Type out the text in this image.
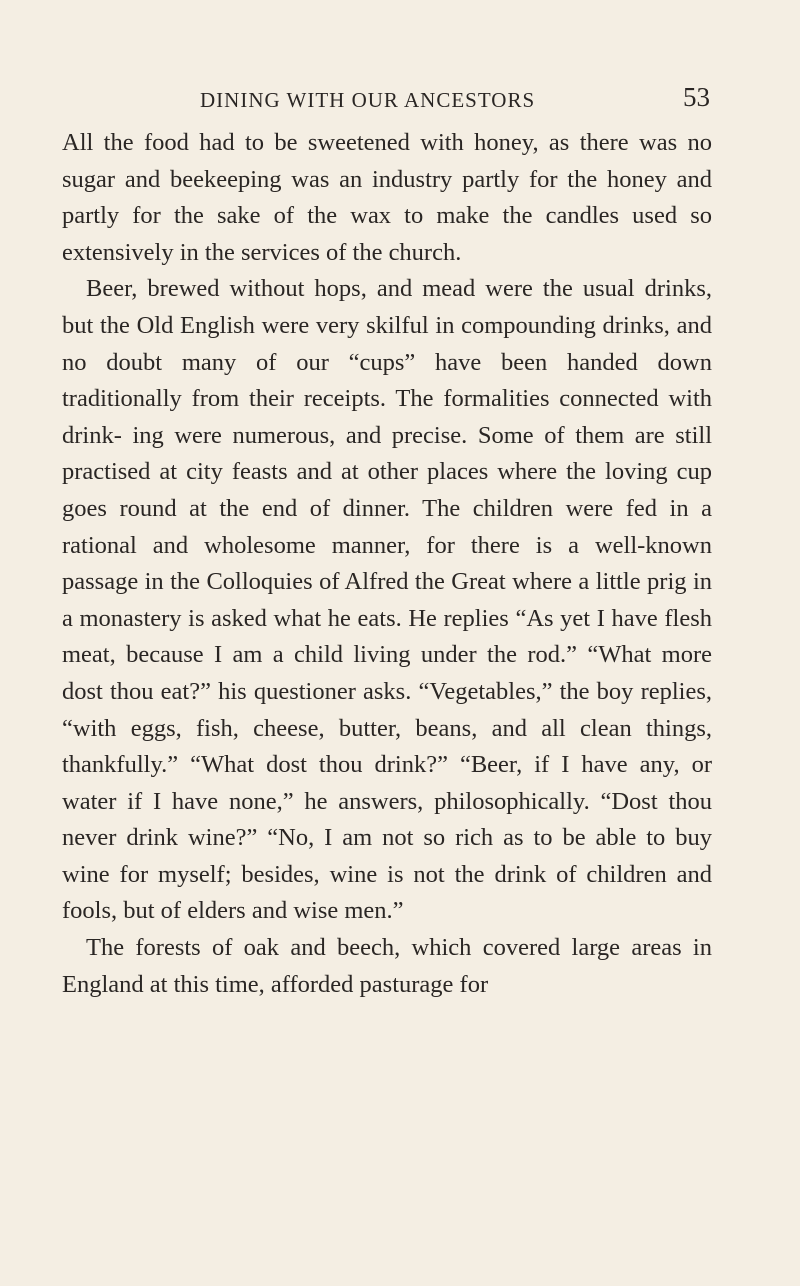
DINING WITH OUR ANCESTORS	53

All the food had to be sweetened with honey, as there was no sugar and beekeeping was an industry partly for the honey and partly for the sake of the wax to make the candles used so extensively in the services of the church.

Beer, brewed without hops, and mead were the usual drinks, but the Old English were very skilful in compounding drinks, and no doubt many of our “cups” have been handed down traditionally from their receipts. The formalities connected with drink- ing were numerous, and precise. Some of them are still practised at city feasts and at other places where the loving cup goes round at the end of dinner. The children were fed in a rational and wholesome manner, for there is a well-known passage in the Colloquies of Alfred the Great where a little prig in a monastery is asked what he eats. He replies “As yet I have flesh meat, because I am a child living under the rod.” “What more dost thou eat?” his questioner asks. “Vegetables,” the boy replies, “with eggs, fish, cheese, butter, beans, and all clean things, thankfully.” “What dost thou drink?” “Beer, if I have any, or water if I have none,” he answers, philosophically. “Dost thou never drink wine?” “No, I am not so rich as to be able to buy wine for myself; besides, wine is not the drink of children and fools, but of elders and wise men.”

The forests of oak and beech, which covered large areas in England at this time, afforded pasturage for
